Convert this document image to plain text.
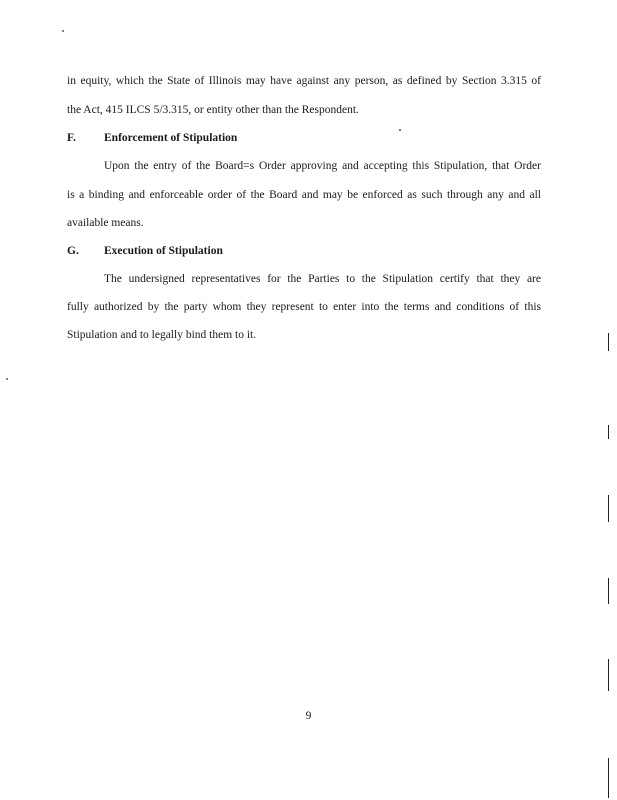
in equity, which the State of Illinois may have against any person, as defined by Section 3.315 of
the Act, 415 ILCS 5/3.315, or entity other than the Respondent.
F. Enforcement of Stipulation
Upon the entry of the Board=s Order approving and accepting this Stipulation, that Order
is a binding and enforceable order of the Board and may be enforced as such through any and all
available means.
G. Execution of Stipulation
The undersigned representatives for the Parties to the Stipulation certify that they are
fully authorized by the party whom they represent to enter into the terms and conditions of this
Stipulation and to legally bind them to it.
9
